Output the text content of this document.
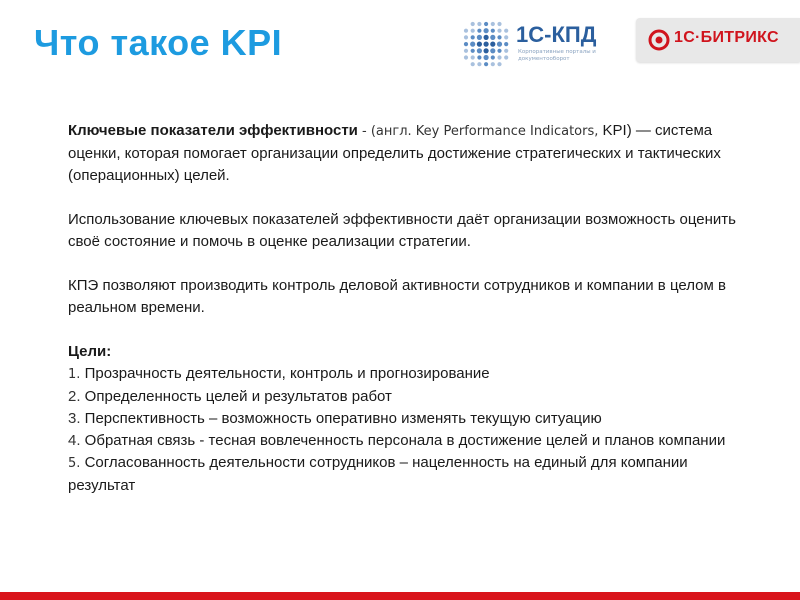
Что такое KPI	1С-КПД
Корпоративные порталы и документооборот
1С·БИТРИКС

Ключевые показатели эффективности - (англ. Key Performance Indicators, KPI) — система оценки, которая помогает организации определить достижение стратегических и тактических (операционных) целей.

Использование ключевых показателей эффективности даёт организации возможность оценить своё состояние и помочь в оценке реализации стратегии.

КПЭ позволяют производить контроль деловой активности сотрудников и компании в целом в реальном времени.

Цели:

1. Прозрачность деятельности, контроль и прогнозирование

2. Определенность целей и результатов работ

3. Перспективность – возможность оперативно изменять текущую ситуацию

4. Обратная связь - тесная вовлеченность персонала в достижение целей и планов компании

5. Согласованность деятельности сотрудников – нацеленность на единый для компании результат
